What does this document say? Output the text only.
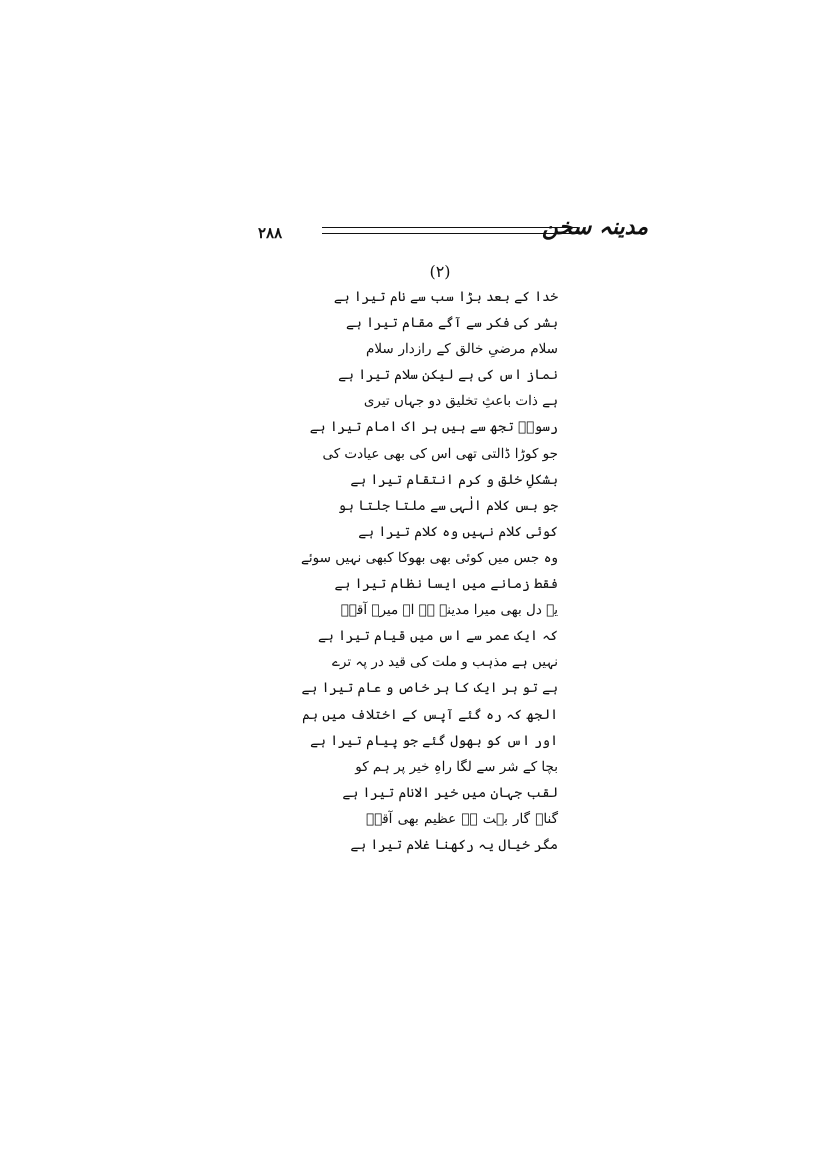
۲۸۸	مدینہ سخن
(۲)
خدا کے بعد بڑا سب سے نام تیرا ہے
بشر کی فکر سے آگے مقام تیرا ہے
سلام مرضیِ خالق کے رازدار سلام
نماز اس کی ہے لیکن سلام تیرا ہے
ہے ذات باعثِ تخلیق دو جہاں تیری
رسولؐ تجھ سے ہیں ہر اک امام تیرا ہے
جو کوڑا ڈالتی تھی اس کی بھی عیادت کی
بشکلِ خلق و کرم انتقام تیرا ہے
جو بس کلام الٰہی سے ملتا جلتا ہو
کوئی کلام نہیں وہ کلام تیرا ہے
وہ جس میں کوئی بھی بھوکا کبھی نہیں سوئے
فقط زمانے میں ایسا نظام تیرا ہے
یہ دل بھی میرا مدینہ ہے اے میرے آقاؐ
کہ ایک عمر سے اس میں قیام تیرا ہے
نہیں ہے مذہب و ملت کی قید در پہ ترے
ہے تو ہر ایک کا ہر خاص و عام تیرا ہے
الجھ کہ رہ گئے آپس کے اختلاف میں ہم
اور اس کو بھول گئے جو پیام تیرا ہے
بچا کے شر سے لگا راہِ خیر پر ہم کو
لقب جہان میں خیر الانام تیرا ہے
گناہ گار بہت ہے عظیم بھی آقاؐ
مگر خیال یہ رکھنا غلام تیرا ہے
